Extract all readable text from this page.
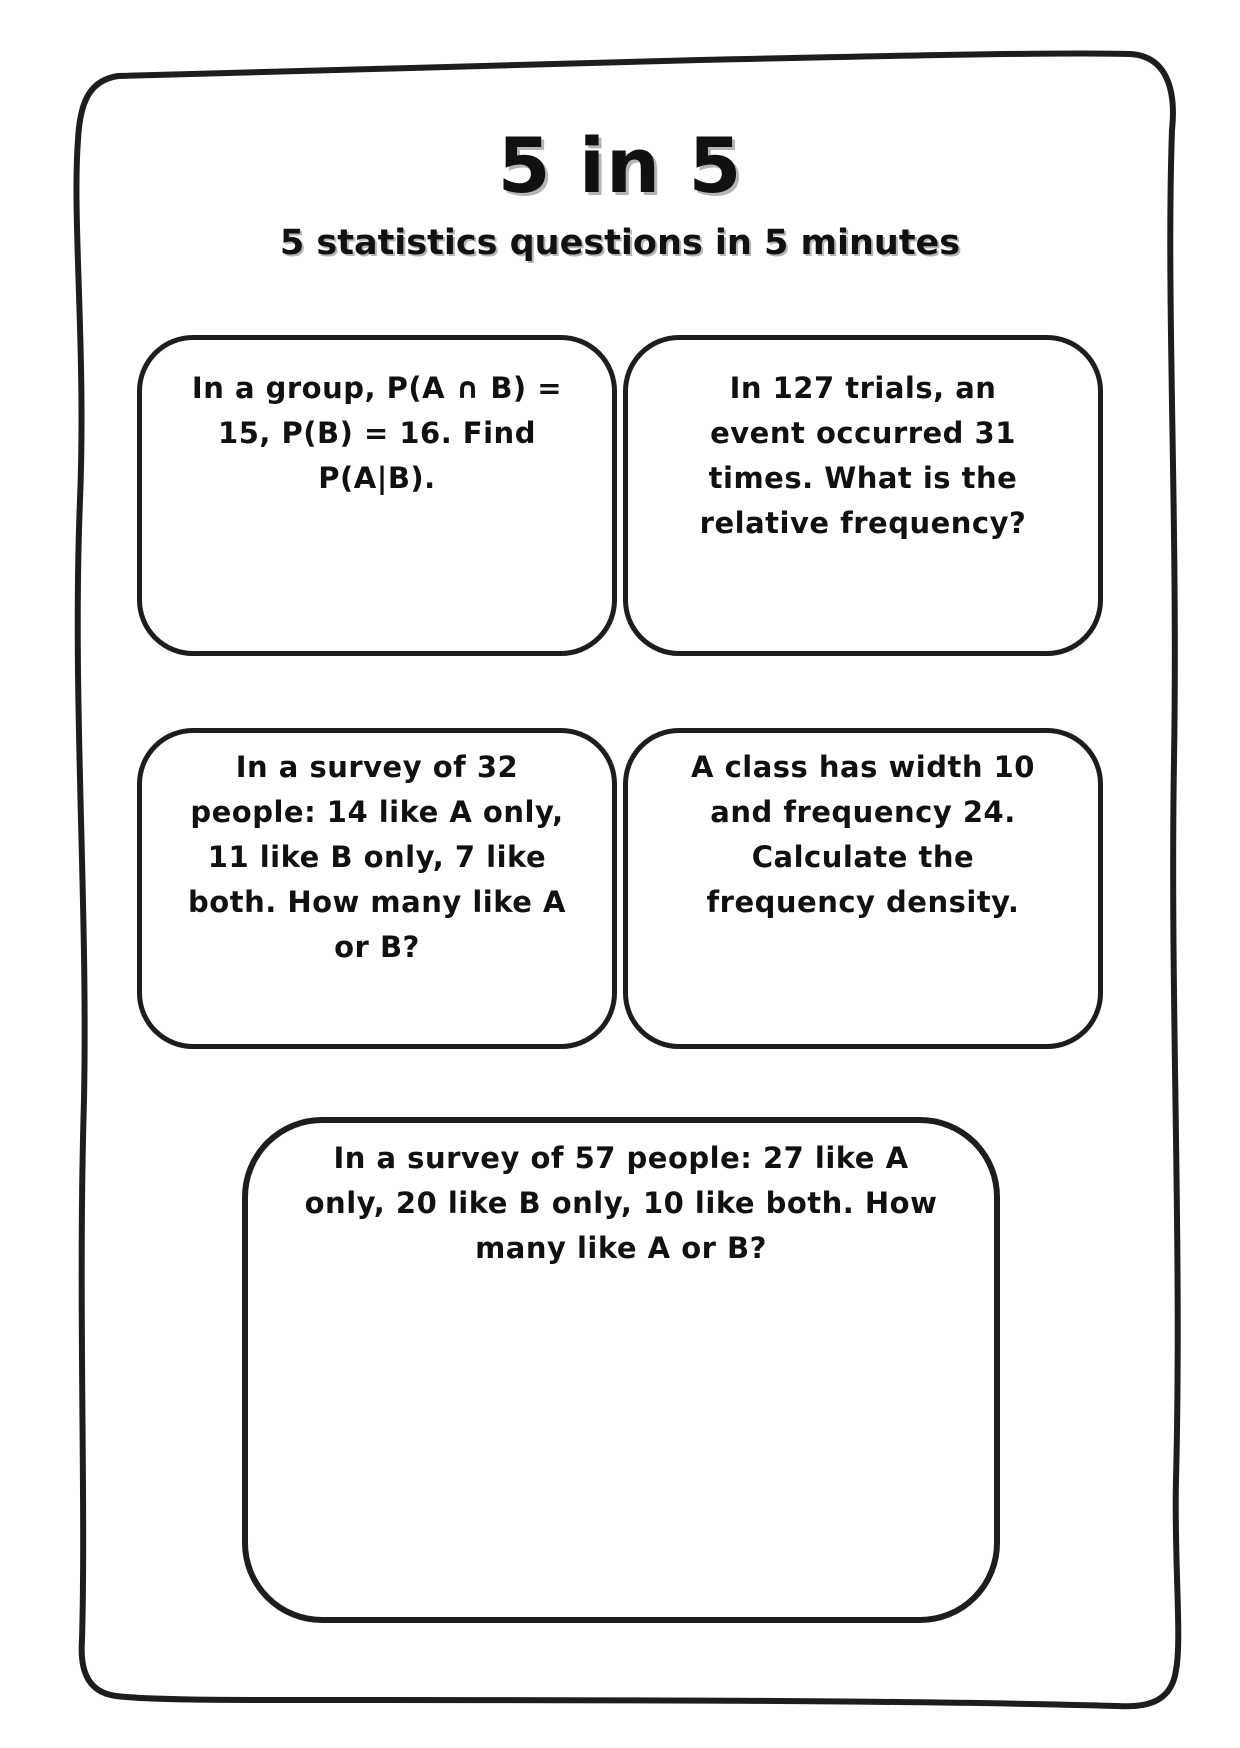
5 in 5
5 statistics questions in 5 minutes
In a group, P(A ∩ B) = 15, P(B) = 16. Find P(A|B).
In 127 trials, an event occurred 31 times. What is the relative frequency?
In a survey of 32 people: 14 like A only, 11 like B only, 7 like both. How many like A or B?
A class has width 10 and frequency 24. Calculate the frequency density.
In a survey of 57 people: 27 like A only, 20 like B only, 10 like both. How many like A or B?
